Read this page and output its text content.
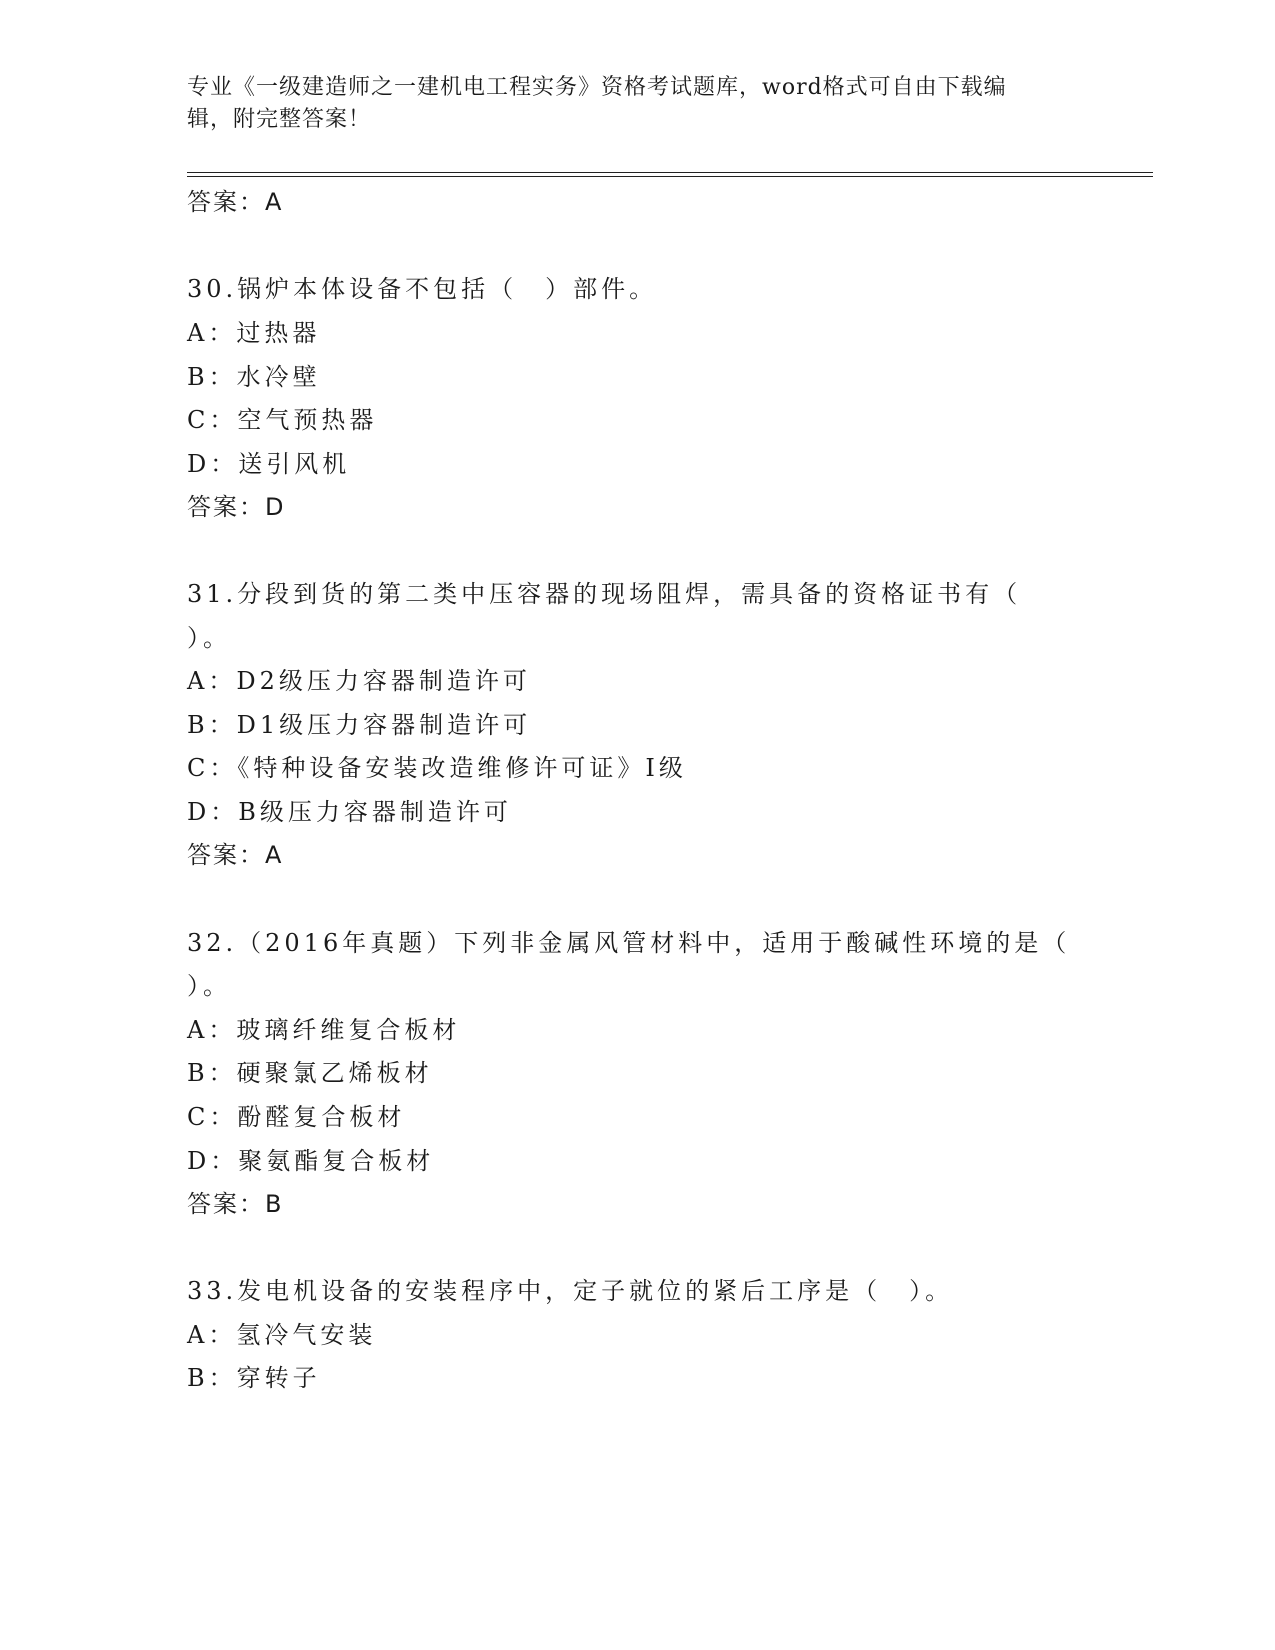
专业《一级建造师之一建机电工程实务》资格考试题库，word格式可自由下载编
辑，附完整答案！
答案：A
30.锅炉本体设备不包括（　）部件。
A：过热器
B：水冷壁
C：空气预热器
D：送引风机
答案：D
31.分段到货的第二类中压容器的现场阻焊，需具备的资格证书有（
）。
A：D2级压力容器制造许可
B：D1级压力容器制造许可
C：《特种设备安装改造维修许可证》I级
D：B级压力容器制造许可
答案：A
32.（2016年真题）下列非金属风管材料中，适用于酸碱性环境的是（
）。
A：玻璃纤维复合板材
B：硬聚氯乙烯板材
C：酚醛复合板材
D：聚氨酯复合板材
答案：B
33.发电机设备的安装程序中，定子就位的紧后工序是（　）。
A：氢冷气安装
B：穿转子
